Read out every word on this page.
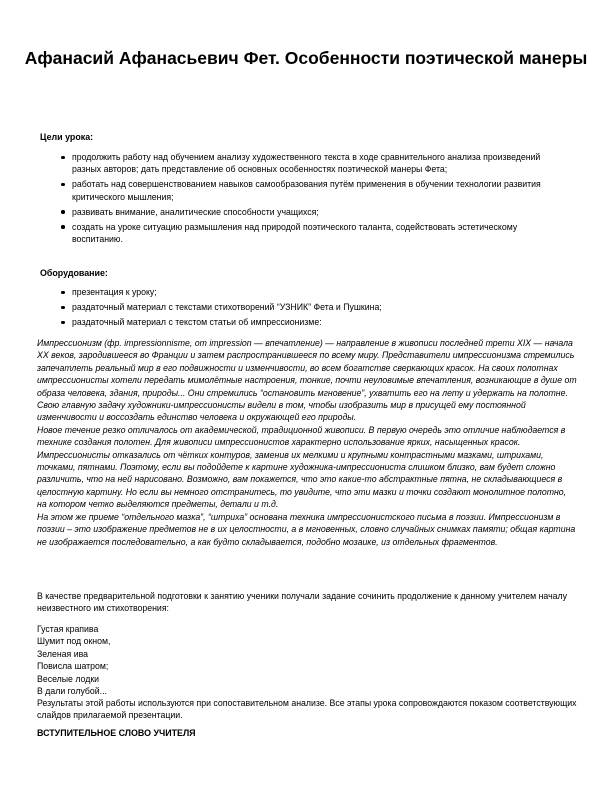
Афанасий Афанасьевич Фет. Особенности поэтической манеры
Цели урока:
продолжить работу над обучением анализу художественного текста в ходе сравнительного анализа произведений разных авторов; дать представление об основных особенностях поэтической манеры Фета;
работать над совершенствованием навыков самообразования путём применения в обучении технологии развития критического мышления;
развивать внимание, аналитические способности учащихся;
создать на уроке ситуацию размышления над природой поэтического таланта, содействовать эстетическому воспитанию.
Оборудование:
презентация к уроку;
раздаточный материал с текстами стихотворений “УЗНИК” Фета и Пушкина;
раздаточный материал с текстом статьи об импрессионизме:

Импрессионизм (фр. impressionnisme, от impression — впечатление) — направление в живописи последней трети XIX — начала XX веков, зародившееся во Франции и затем распространившееся по всему миру. Представители импрессионизма стремились запечатлеть реальный мир в его подвижности и изменчивости, во всем богатстве сверкающих красок. На своих полотнах импрессионисты хотели передать мимолётные настроения, тонкие, почти неуловимые впечатления, возникающие в душе от образа человека, здания, природы... Они стремились “остановить мгновение”, ухватить его на лету и удержать на полотне. Свою главную задачу художники-импрессионисты видели в том, чтобы изобразить мир в присущей ему постоянной изменчивости и воссоздать единство человека и окружающей его природы.

Новое течение резко отличалось от академической, традиционной живописи. В первую очередь это отличие наблюдается в технике создания полотен. Для живописи импрессионистов характерно использование ярких, насыщенных красок. Импрессионисты отказались от чётких контуров, заменив их мелкими и крупными контрастными мазками, штрихами, точками, пятнами. Поэтому, если вы подойдете к картине художника-импрессиониста слишком близко, вам будет сложно различить, что на ней нарисовано. Возможно, вам покажется, что это какие-то абстрактные пятна, не складывающиеся в целостную картину. Но если вы немного отстранитесь, то увидите, что эти мазки и точки создают монолитное полотно, на котором четко выделяются предметы, детали и т.д.

На этом же приеме “отдельного мазка”, “штриха” основана техника импрессионистского письма в поэзии. Импрессионизм в поэзии – это изображение предметов не в их целостности, а в мгновенных, словно случайных снимках памяти; общая картина не изображается последовательно, а как будто складывается, подобно мозаике, из отдельных фрагментов.

В качестве предварительной подготовки к занятию ученики получали задание сочинить продолжение к данному учителем началу неизвестного им стихотворения:

Густая крапива
Шумит под окном,
Зеленая ива
Повисла шатром;
Веселые лодки
В дали голубой...
Результаты этой работы используются при сопоставительном анализе. Все этапы урока сопровождаются показом соответствующих слайдов прилагаемой презентации.
ВСТУПИТЕЛЬНОЕ СЛОВО УЧИТЕЛЯ
